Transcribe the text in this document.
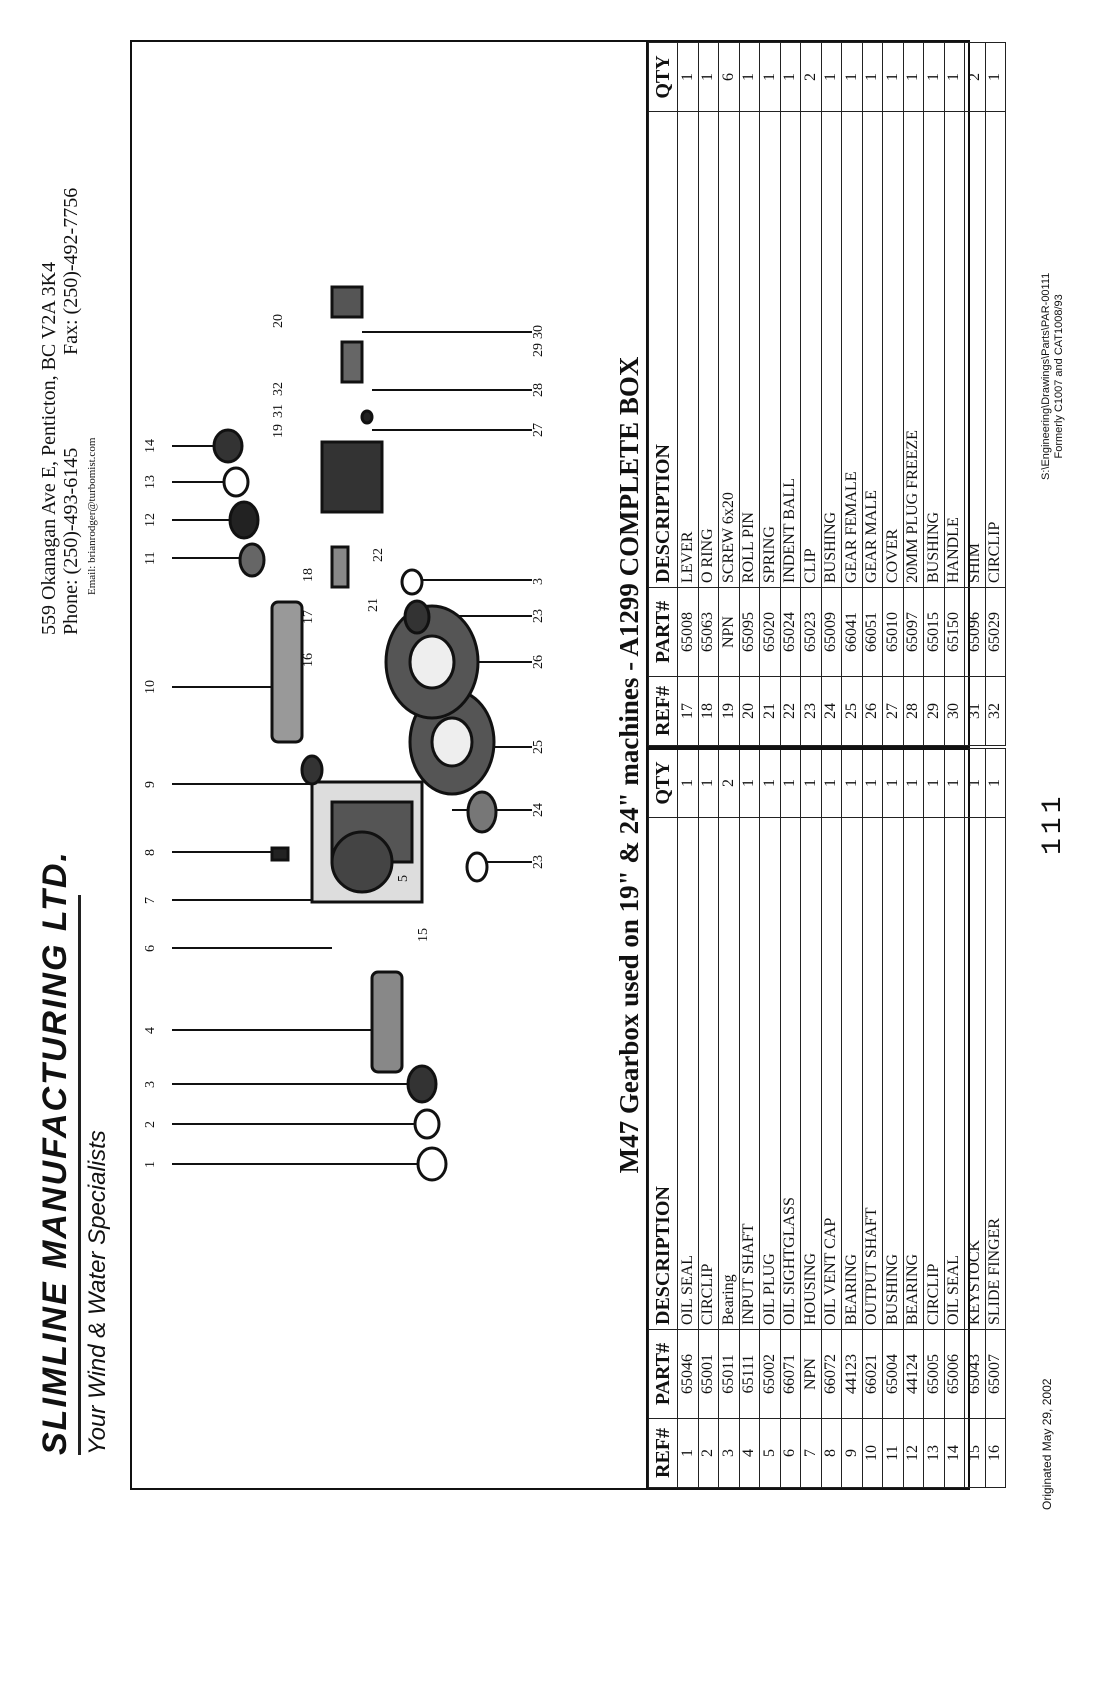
SLIMLINE MANUFACTURING LTD. Your Wind & Water Specialists
559 Okanagan Ave E, Penticton, BC V2A 3K4 Phone: (250)-493-6145
Fax: (250)-492-7756
Email: brianrodger@turbomist.com
1
2
3
4
6
7
8
9
10
11
12
13
14
23
24
25
26
23
3
27
28
29
30
21
22
15
5
16
17
18
19
31
32
20
M47 Gearbox used on 19" & 24" machines - A1299 COMPLETE BOX
REF#	PART#	DESCRIPTION	QTY
1	65046	OIL SEAL	1
2	65001	CIRCLIP	1
3	65011	Bearing	2
4	65111	INPUT SHAFT	1
5	65002	OIL PLUG	1
6	66071	OIL SIGHTGLASS	1
7	NPN	HOUSING	1
8	66072	OIL VENT CAP	1
9	44123	BEARING	1
10	66021	OUTPUT SHAFT	1
11	65004	BUSHING	1
12	44124	BEARING	1
13	65005	CIRCLIP	1
14	65006	OIL SEAL	1
15	65043	KEYSTOCK	1
16	65007	SLIDE FINGER	1
REF#	PART#	DESCRIPTION	QTY
17	65008	LEVER	1
18	65063	O RING	1
19	NPN	SCREW 6x20	6
20	65095	ROLL PIN	1
21	65020	SPRING	1
22	65024	INDENT BALL	1
23	65023	CLIP	2
24	65009	BUSHING	1
25	66041	GEAR FEMALE	1
26	66051	GEAR MALE	1
27	65010	COVER	1
28	65097	20MM PLUG FREEZE	1
29	65015	BUSHING	1
30	65150	HANDLE	1
31	65096	SHIM	2
32	65029	CIRCLIP	1
Originated May 29, 2002
111
S:\Engineering\Drawings\Parts\PAR-00111 Formerly C1007 and CAT1008/93
